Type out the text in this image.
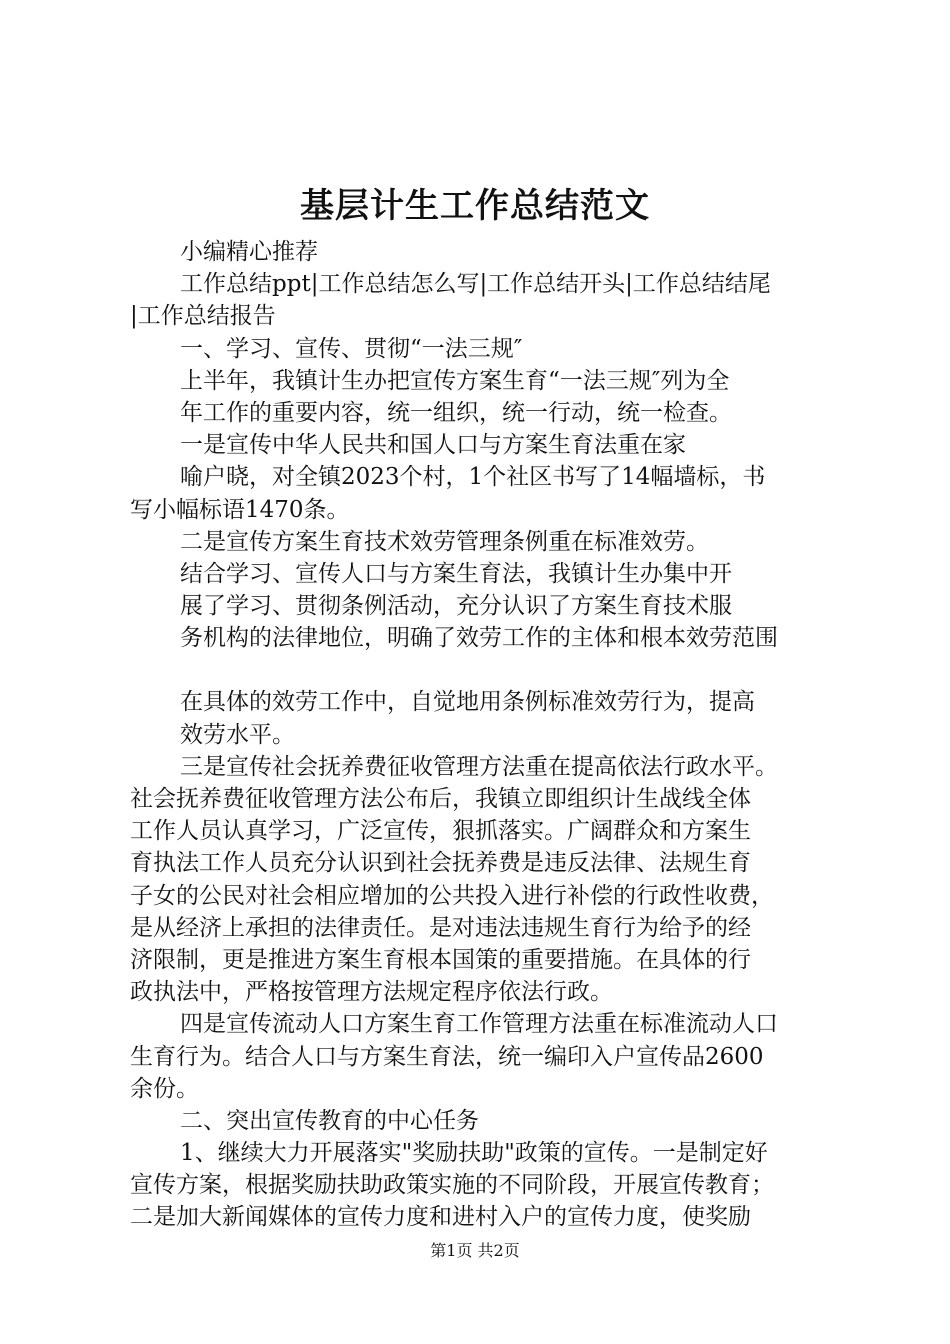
基层计生工作总结范文
小编精心推荐
工作总结ppt|工作总结怎么写|工作总结开头|工作总结结尾
|工作总结报告
一、学习、宣传、贯彻“一法三规″
上半年，我镇计生办把宣传方案生育“一法三规″列为全
年工作的重要内容，统一组织，统一行动，统一检查。
一是宣传中华人民共和国人口与方案生育法重在家
喻户晓，对全镇2023个村，1个社区书写了14幅墙标，书
写小幅标语1470条。
二是宣传方案生育技术效劳管理条例重在标准效劳。
结合学习、宣传人口与方案生育法，我镇计生办集中开
展了学习、贯彻条例活动，充分认识了方案生育技术服
务机构的法律地位，明确了效劳工作的主体和根本效劳范围
在具体的效劳工作中，自觉地用条例标准效劳行为，提高
效劳水平。
三是宣传社会抚养费征收管理方法重在提高依法行政水平。
社会抚养费征收管理方法公布后，我镇立即组织计生战线全体
工作人员认真学习，广泛宣传，狠抓落实。广阔群众和方案生
育执法工作人员充分认识到社会抚养费是违反法律、法规生育
子女的公民对社会相应增加的公共投入进行补偿的行政性收费，
是从经济上承担的法律责任。是对违法违规生育行为给予的经
济限制，更是推进方案生育根本国策的重要措施。在具体的行
政执法中，严格按管理方法规定程序依法行政。
四是宣传流动人口方案生育工作管理方法重在标准流动人口
生育行为。结合人口与方案生育法，统一编印入户宣传品2600
余份。
二、突出宣传教育的中心任务
1、继续大力开展落实"奖励扶助"政策的宣传。一是制定好
宣传方案，根据奖励扶助政策实施的不同阶段，开展宣传教育；
二是加大新闻媒体的宣传力度和进村入户的宣传力度，使奖励
第1页 共2页
